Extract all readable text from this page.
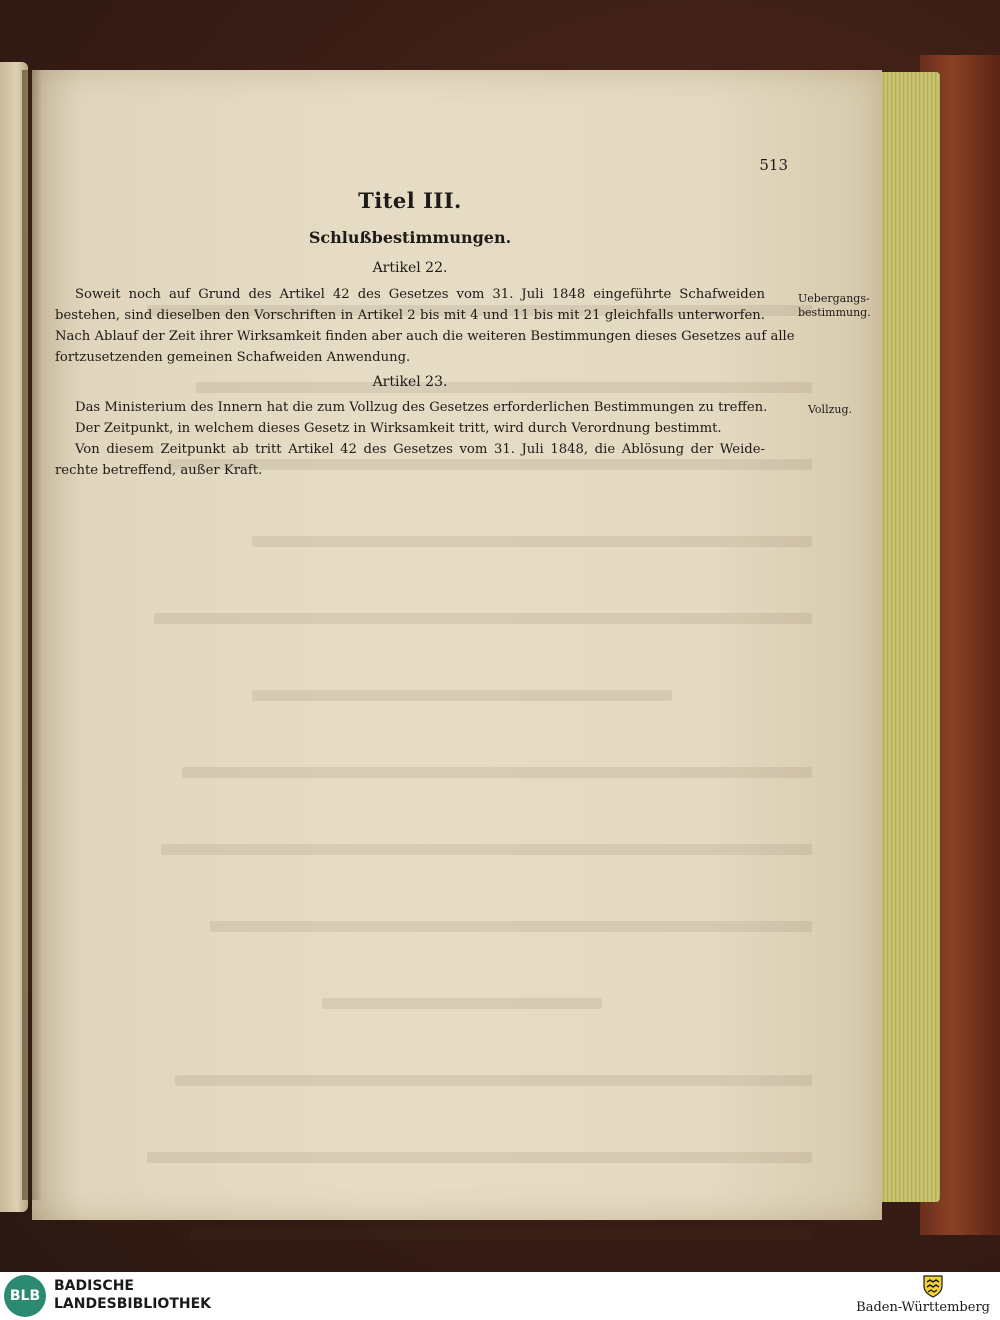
513
Titel III.
Schlußbestimmungen.
Artikel 22.
Soweit noch auf Grund des Artikel 42 des Gesetzes vom 31. Juli 1848 eingeführte Schafweiden
bestehen, sind dieselben den Vorschriften in Artikel 2 bis mit 4 und 11 bis mit 21 gleichfalls unterworfen.
Nach Ablauf der Zeit ihrer Wirksamkeit finden aber auch die weiteren Bestimmungen dieses Gesetzes auf alle
fortzusetzenden gemeinen Schafweiden Anwendung.
Artikel 23.
Das Ministerium des Innern hat die zum Vollzug des Gesetzes erforderlichen Bestimmungen zu treffen.
Der Zeitpunkt, in welchem dieses Gesetz in Wirksamkeit tritt, wird durch Verordnung bestimmt.
Von diesem Zeitpunkt ab tritt Artikel 42 des Gesetzes vom 31. Juli 1848, die Ablösung der Weide-
rechte betreffend, außer Kraft.
Uebergangs-
bestimmung.
Vollzug.
BLB
BADISCHE
LANDESBIBLIOTHEK	Baden-Württemberg
